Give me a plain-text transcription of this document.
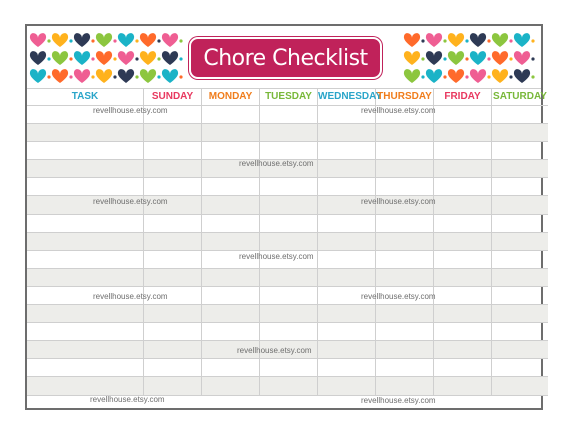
Chore Checklist
TASK	SUNDAY	MONDAY	TUESDAY	WEDNESDAY	THURSDAY	FRIDAY	SATURDAY

revellhouse.etsy.com	revellhouse.etsy.com
revellhouse.etsy.com
revellhouse.etsy.com	revellhouse.etsy.com
revellhouse.etsy.com
revellhouse.etsy.com	revellhouse.etsy.com
revellhouse.etsy.com
revellhouse.etsy.com	revellhouse.etsy.com
